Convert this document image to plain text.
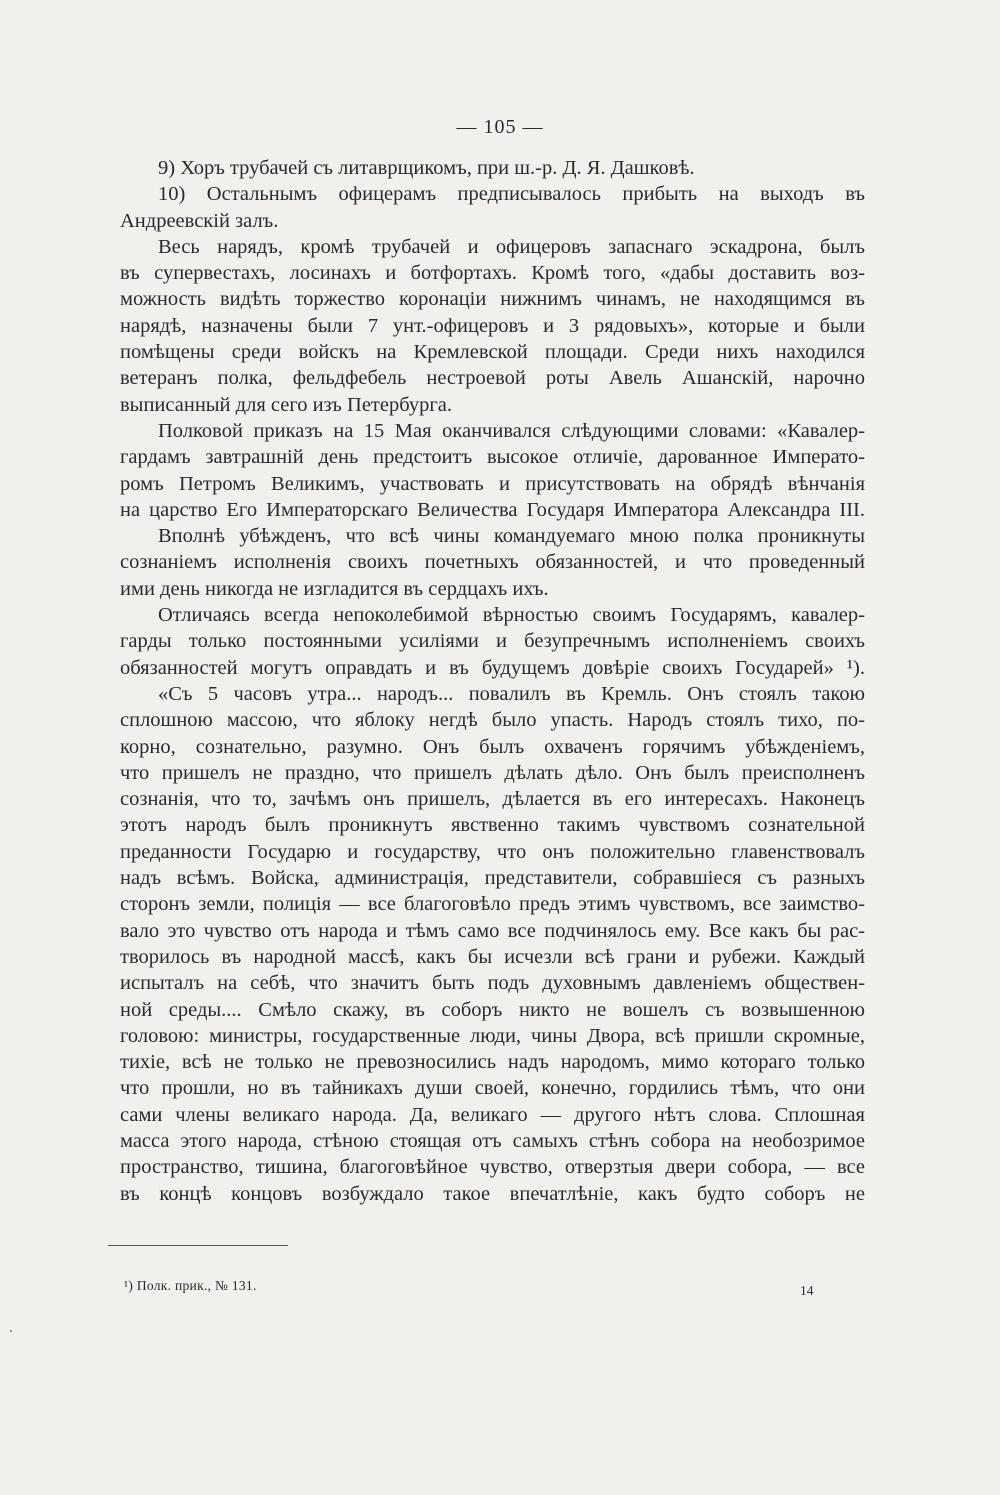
— 105 —
9) Хоръ трубачей съ литаврщикомъ, при ш.-р. Д. Я. Дашковѣ.
10) Остальнымъ офицерамъ предписывалось прибыть на выходъ въ
Андреевскій залъ.
Весь нарядъ, кромѣ трубачей и офицеровъ запаснаго эскадрона, былъ
въ супервестахъ, лосинахъ и ботфортахъ. Кромѣ того, «дабы доставить воз-
можность видѣть торжество коронаціи нижнимъ чинамъ, не находящимся въ
нарядѣ, назначены были 7 унт.-офицеровъ и 3 рядовыхъ», которые и были
помѣщены среди войскъ на Кремлевской площади. Среди нихъ находился
ветеранъ полка, фельдфебель нестроевой роты Авель Ашанскій, нарочно
выписанный для сего изъ Петербурга.
Полковой приказъ на 15 Мая оканчивался слѣдующими словами: «Кавалер-
гардамъ завтрашній день предстоитъ высокое отличіе, дарованное Императо-
ромъ Петромъ Великимъ, участвовать и присутствовать на обрядѣ вѣнчанія
на царство Его Императорскаго Величества Государя Императора Александра III.
Вполнѣ убѣжденъ, что всѣ чины командуемаго мною полка проникнуты
сознаніемъ исполненія своихъ почетныхъ обязанностей, и что проведенный
ими день никогда не изгладится въ сердцахъ ихъ.
Отличаясь всегда непоколебимой вѣрностью своимъ Государямъ, кавалер-
гарды только постоянными усиліями и безупречнымъ исполненіемъ своихъ
обязанностей могутъ оправдать и въ будущемъ довѣріе своихъ Государей» ¹).
«Съ 5 часовъ утра... народъ... повалилъ въ Кремль. Онъ стоялъ такою
сплошною массою, что яблоку негдѣ было упасть. Народъ стоялъ тихо, по-
корно, сознательно, разумно. Онъ былъ охваченъ горячимъ убѣжденіемъ,
что пришелъ не праздно, что пришелъ дѣлать дѣло. Онъ былъ преисполненъ
сознанія, что то, зачѣмъ онъ пришелъ, дѣлается въ его интересахъ. Наконецъ
этотъ народъ былъ проникнутъ явственно такимъ чувствомъ сознательной
преданности Государю и государству, что онъ положительно главенствовалъ
надъ всѣмъ. Войска, администрація, представители, собравшіеся съ разныхъ
сторонъ земли, полиція — все благоговѣло предъ этимъ чувствомъ, все заимство-
вало это чувство отъ народа и тѣмъ само все подчинялось ему. Все какъ бы рас-
творилось въ народной массѣ, какъ бы исчезли всѣ грани и рубежи. Каждый
испыталъ на себѣ, что значитъ быть подъ духовнымъ давленіемъ обществен-
ной среды.... Смѣло скажу, въ соборъ никто не вошелъ съ возвышенною
головою: министры, государственные люди, чины Двора, всѣ пришли скромные,
тихіе, всѣ не только не превозносились надъ народомъ, мимо котораго только
что прошли, но въ тайникахъ души своей, конечно, гордились тѣмъ, что они
сами члены великаго народа. Да, великаго — другого нѣтъ слова. Сплошная
масса этого народа, стѣною стоящая отъ самыхъ стѣнъ собора на необозримое
пространство, тишина, благоговѣйное чувство, отверзтыя двери собора, — все
въ концѣ концовъ возбуждало такое впечатлѣніе, какъ будто соборъ не
¹) Полк. прик., № 131.	14
